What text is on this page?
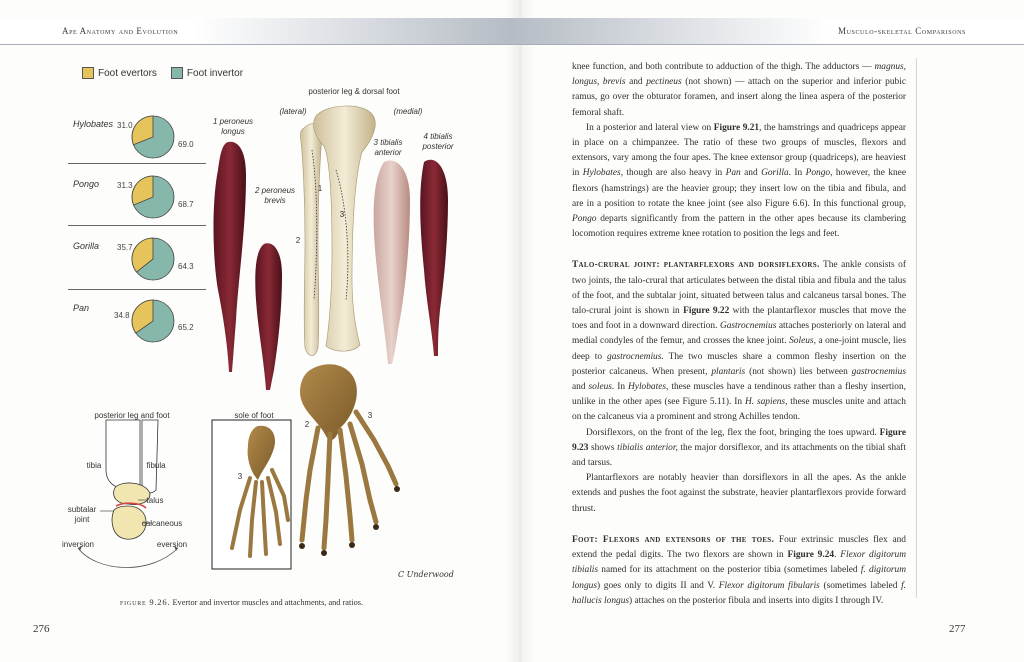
Ape Anatomy and Evolution	Musculo-skeletal Comparisons
Foot evertors	Foot invertor
Hylobates 31.0
69.0
Pongo 31.3
68.7
Gorilla 35.7
64.3
Pan
34.8
65.2
posterior leg & dorsal foot
(lateral)	(medial)
1 peroneus longus
2 peroneus brevis
3 tibialis anterior
4 tibialis posterior
1
2
3
2
3
3
sole of foot
posterior leg and foot
tibia	fibula
talus
subtalar joint	calcaneous
inversion	eversion
C Underwood
figure 9.26. Evertor and invertor muscles and attachments, and ratios.

knee function, and both contribute to adduction of the thigh. The adductors — magnus, longus, brevis and pectineus (not shown) — attach on the superior and inferior pubic ramus, go over the obturator foramen, and insert along the linea aspera of the posterior femoral shaft.

In a posterior and lateral view on Figure 9.21, the hamstrings and quadriceps appear in place on a chimpanzee. The ratio of these two groups of muscles, flexors and extensors, vary among the four apes. The knee extensor group (quadriceps), are heaviest in Hylobates, though are also heavy in Pan and Gorilla. In Pongo, however, the knee flexors (hamstrings) are the heavier group; they insert low on the tibia and fibula, and are in a position to rotate the knee joint (see also Figure 6.6). In this functional group, Pongo departs significantly from the pattern in the other apes because its clambering locomotion requires extreme knee rotation to position the legs and feet.

Talo-crural joint: plantarflexors and dorsiflexors. The ankle consists of two joints, the talo-crural that articulates between the distal tibia and fibula and the talus of the foot, and the subtalar joint, situated between talus and calcaneus tarsal bones. The talo-crural joint is shown in Figure 9.22 with the plantarflexor muscles that move the toes and foot in a downward direction. Gastrocnemius attaches posteriorly on lateral and medial condyles of the femur, and crosses the knee joint. Soleus, a one-joint muscle, lies deep to gastrocnemius. The two muscles share a common fleshy insertion on the posterior calcaneus. When present, plantaris (not shown) lies between gastrocnemius and soleus. In Hylobates, these muscles have a tendinous rather than a fleshy insertion, unlike in the other apes (see Figure 5.11). In H. sapiens, these muscles unite and attach on the calcaneus via a prominent and strong Achilles tendon.

Dorsiflexors, on the front of the leg, flex the foot, bringing the toes upward. Figure 9.23 shows tibialis anterior, the major dorsiflexor, and its attachments on the tibial shaft and tarsus.

Plantarflexors are notably heavier than dorsiflexors in all the apes. As the ankle extends and pushes the foot against the substrate, heavier plantarflexors provide forward thrust.

Foot: Flexors and extensors of the toes. Four extrinsic muscles flex and extend the pedal digits. The two flexors are shown in Figure 9.24. Flexor digitorum tibialis named for its attachment on the posterior tibia (sometimes labeled f. digitorum longus) goes only to digits II and V. Flexor digitorum fibularis (sometimes labeled f. hallucis longus) attaches on the posterior fibula and inserts into digits I through IV.

276	277
